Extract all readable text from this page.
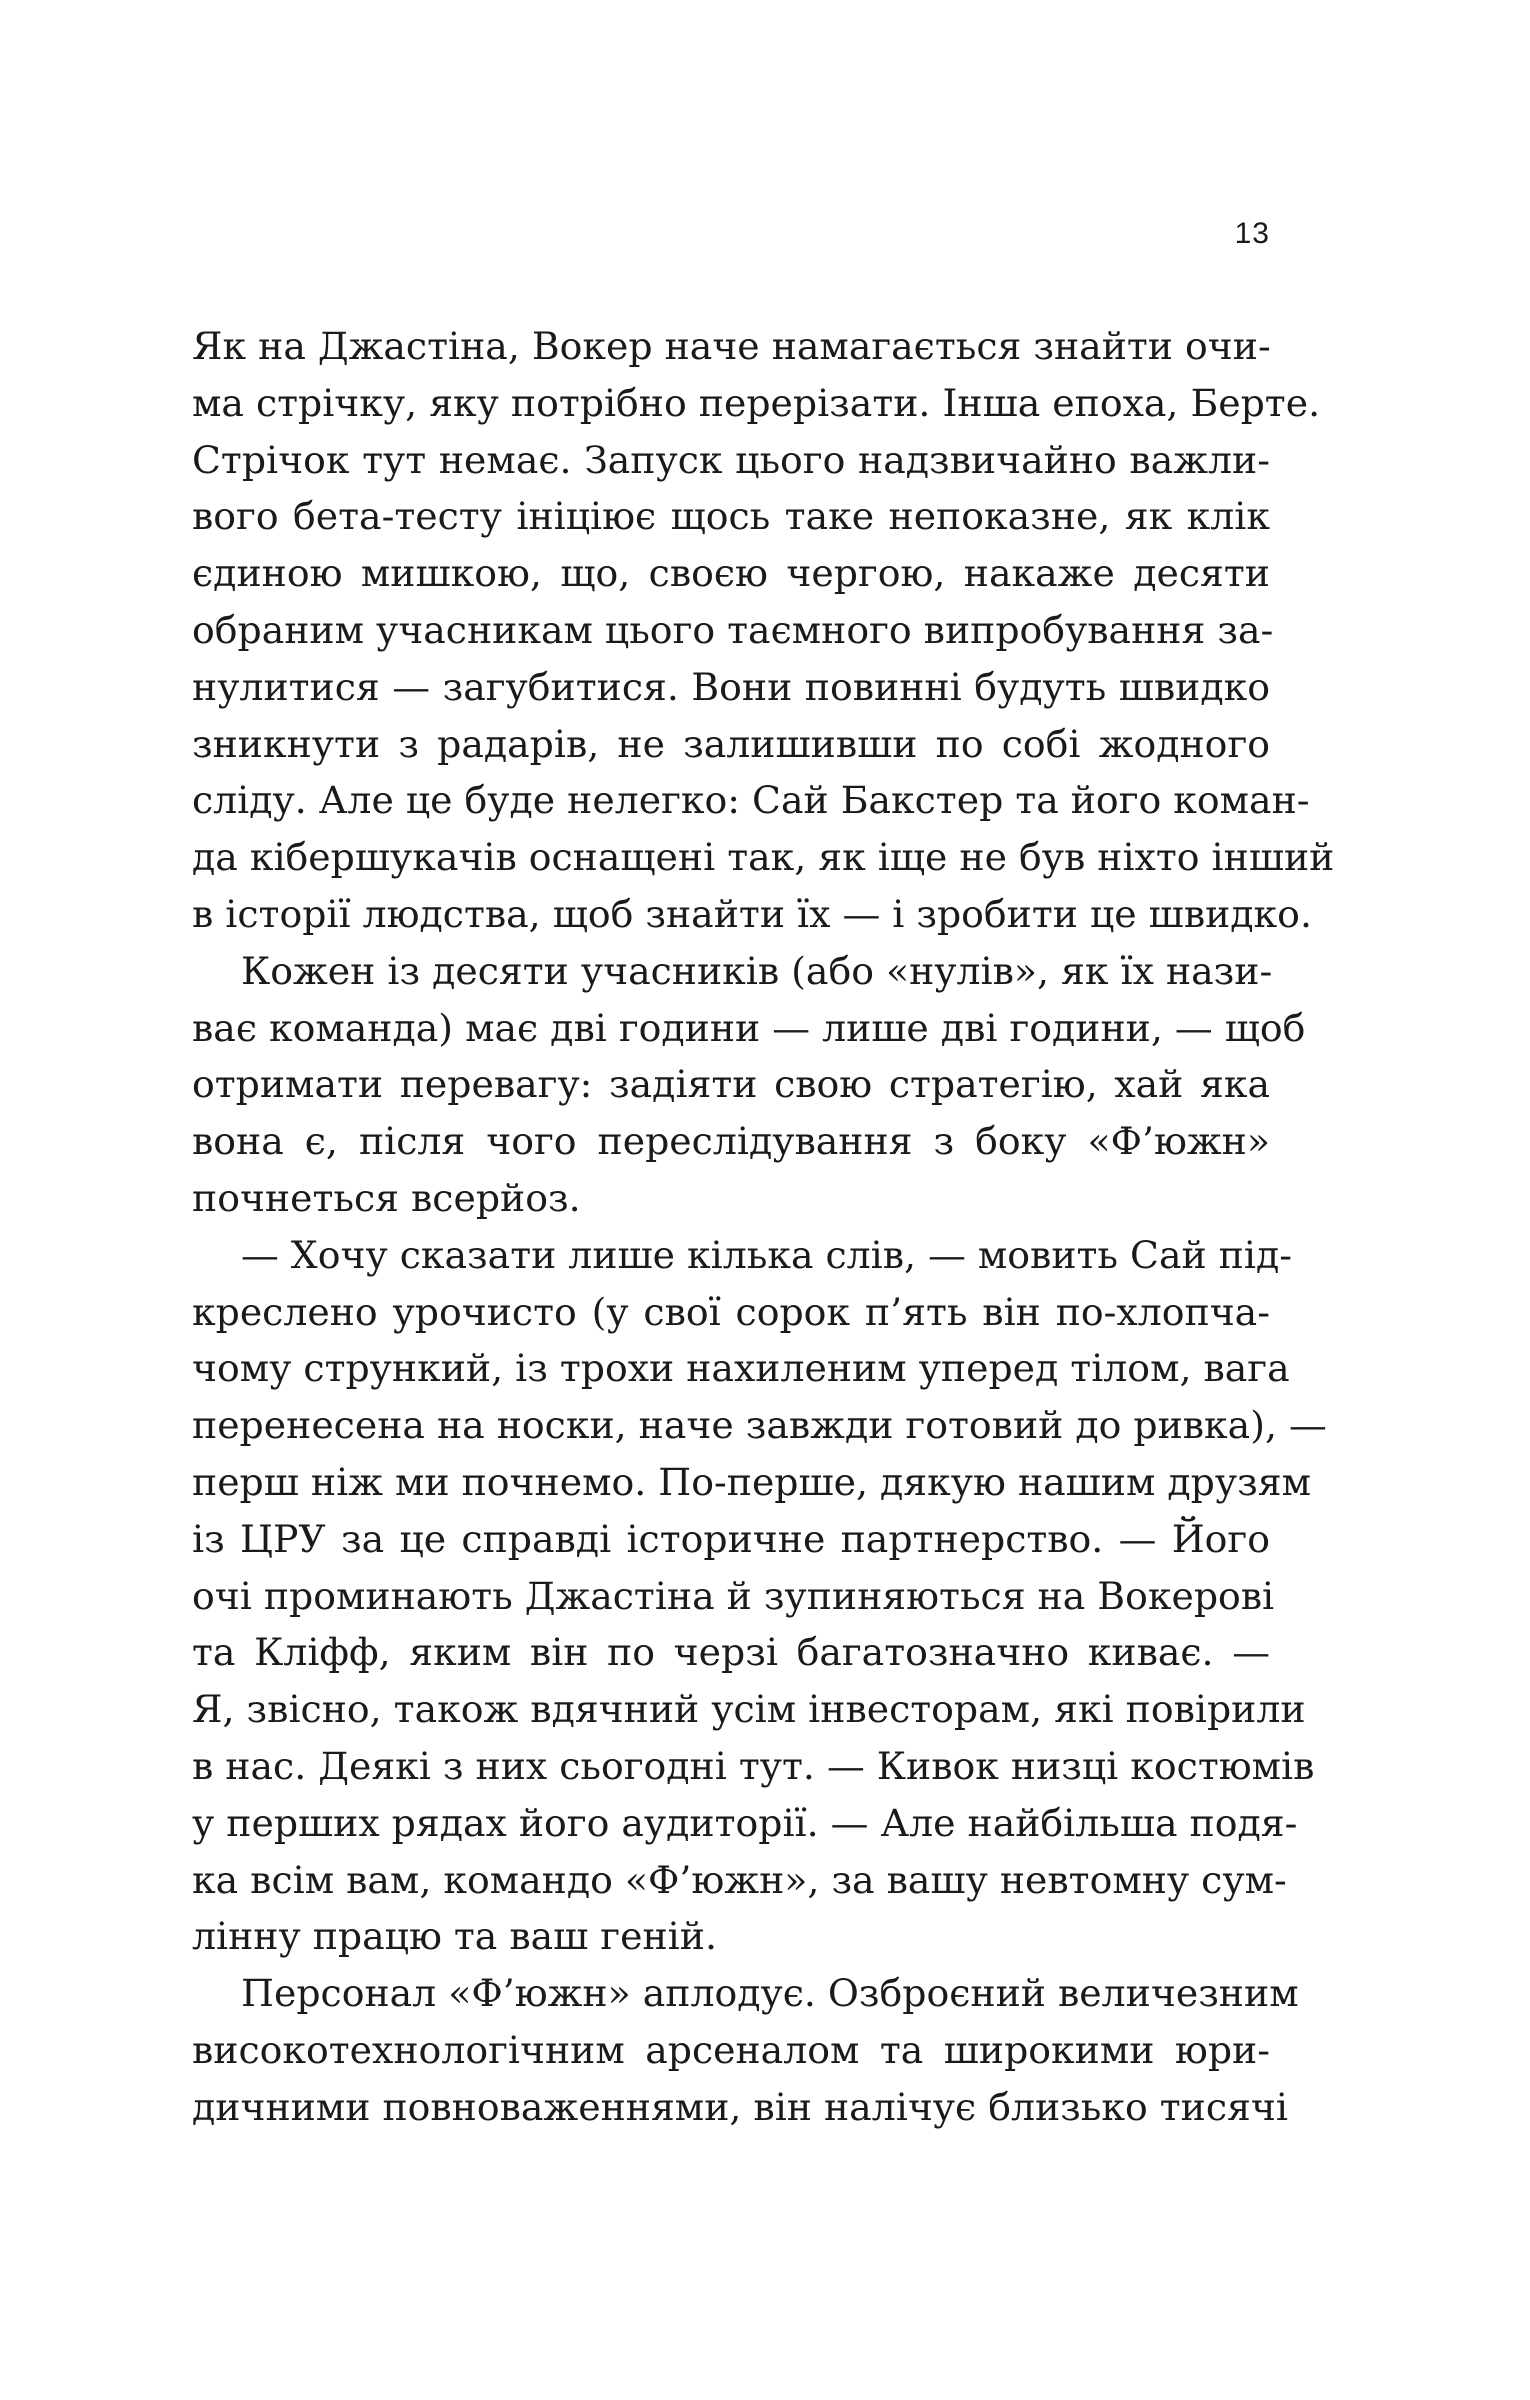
13
Як на Джастіна, Вокер наче намагається знайти очи-
ма стрічку, яку потрібно перерізати. Інша епоха, Берте.
Стрічок тут немає. Запуск цього надзвичайно важли-
вого бета-тесту ініціює щось таке непоказне, як клік
єдиною мишкою, що, своєю чергою, накаже десяти
обраним учасникам цього таємного випробування за-
нулитися — загубитися. Вони повинні будуть швидко
зникнути з радарів, не залишивши по собі жодного
сліду. Але це буде нелегко: Сай Бакстер та його коман-
да кібершукачів оснащені так, як іще не був ніхто інший
в історії людства, щоб знайти їх — і зробити це швидко.
Кожен із десяти учасників (або «нулів», як їх нази-
ває команда) має дві години — лише дві години, — щоб
отримати перевагу: задіяти свою стратегію, хай яка
вона є, після чого переслідування з боку «Ф’южн»
почнеться всерйоз.
— Хочу сказати лише кілька слів, — мовить Сай під-
креслено урочисто (у свої сорок п’ять він по-хлопча-
чому стрункий, із трохи нахиленим уперед тілом, вага
перенесена на носки, наче завжди готовий до ривка), —
перш ніж ми почнемо. По-перше, дякую нашим друзям
із ЦРУ за це справді історичне партнерство. — Його
очі проминають Джастіна й зупиняються на Вокерові
та Кліфф, яким він по черзі багатозначно киває. —
Я, звісно, також вдячний усім інвесторам, які повірили
в нас. Деякі з них сьогодні тут. — Кивок низці костюмів
у перших рядах його аудиторії. — Але найбільша подя-
ка всім вам, командо «Ф’южн», за вашу невтомну сум-
лінну працю та ваш геній.
Персонал «Ф’южн» аплодує. Озброєний величезним
високотехнологічним арсеналом та широкими юри-
дичними повноваженнями, він налічує близько тисячі
